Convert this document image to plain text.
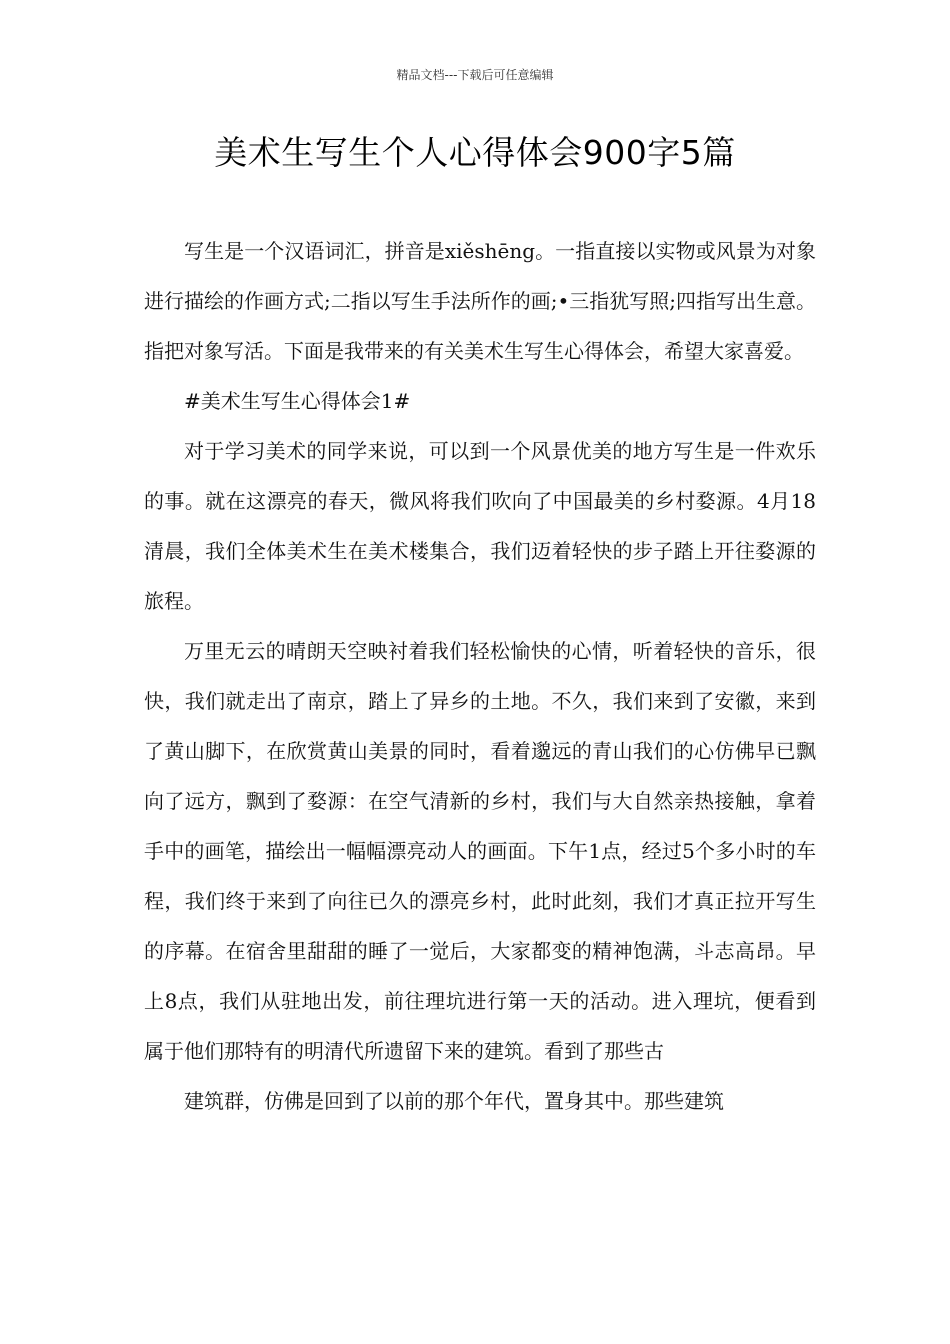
精品文档---下载后可任意编辑
美术生写生个人心得体会900字5篇

写生是一个汉语词汇，拼音是xiěshēng。一指直接以实物或风景为对象进行描绘的作画方式;二指以写生手法所作的画;•三指犹写照;四指写出生意。指把对象写活。下面是我带来的有关美术生写生心得体会，希望大家喜爱。

#美术生写生心得体会1#

对于学习美术的同学来说，可以到一个风景优美的地方写生是一件欢乐的事。就在这漂亮的春天，微风将我们吹向了中国最美的乡村婺源。4月18清晨，我们全体美术生在美术楼集合，我们迈着轻快的步子踏上开往婺源的旅程。

万里无云的晴朗天空映衬着我们轻松愉快的心情，听着轻快的音乐，很快，我们就走出了南京，踏上了异乡的土地。不久，我们来到了安徽，来到了黄山脚下，在欣赏黄山美景的同时，看着邈远的青山我们的心仿佛早已飘向了远方，飘到了婺源：在空气清新的乡村，我们与大自然亲热接触，拿着手中的画笔，描绘出一幅幅漂亮动人的画面。下午1点，经过5个多小时的车程，我们终于来到了向往已久的漂亮乡村，此时此刻，我们才真正拉开写生的序幕。在宿舍里甜甜的睡了一觉后，大家都变的精神饱满，斗志高昂。早上8点，我们从驻地出发，前往理坑进行第一天的活动。进入理坑，便看到属于他们那特有的明清代所遗留下来的建筑。看到了那些古

建筑群，仿佛是回到了以前的那个年代，置身其中。那些建筑
